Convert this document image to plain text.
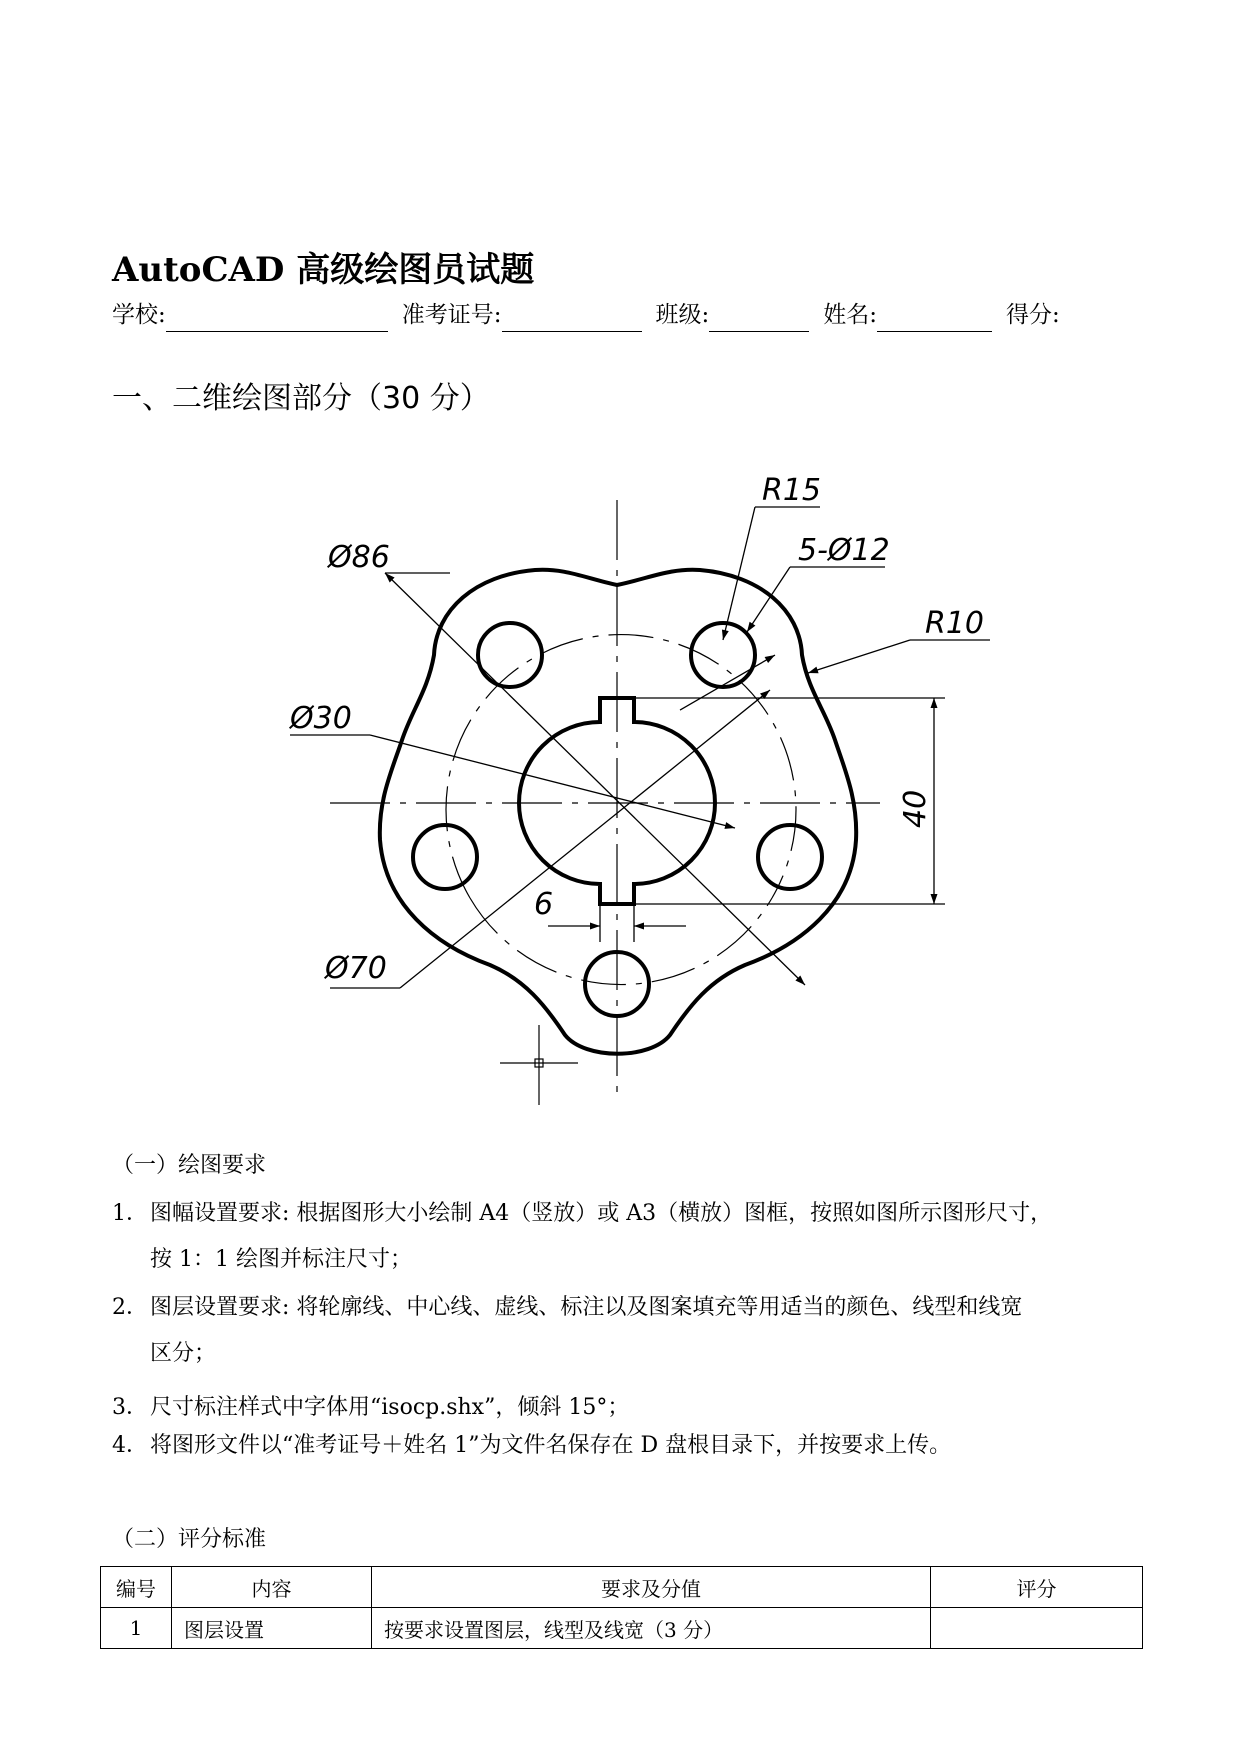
AutoCAD 高级绘图员试题
学校:	准考证号:	班级:	姓名:	得分:
一、二维绘图部分（30 分）
R15
5-Ø12
R10
Ø86
Ø30
Ø70
6
40
（一）绘图要求
1．图幅设置要求: 根据图形大小绘制 A4（竖放）或 A3（横放）图框，按照如图所示图形尺寸，
按 1：1 绘图并标注尺寸；
2．图层设置要求: 将轮廓线、中心线、虚线、标注以及图案填充等用适当的颜色、线型和线宽
区分；
3．尺寸标注样式中字体用“isocp.shx”，倾斜 15°；
4．将图形文件以“准考证号＋姓名 1”为文件名保存在 D 盘根目录下，并按要求上传。
（二）评分标准
编号	内容	要求及分值	评分
1	图层设置	按要求设置图层，线型及线宽（3 分）	
